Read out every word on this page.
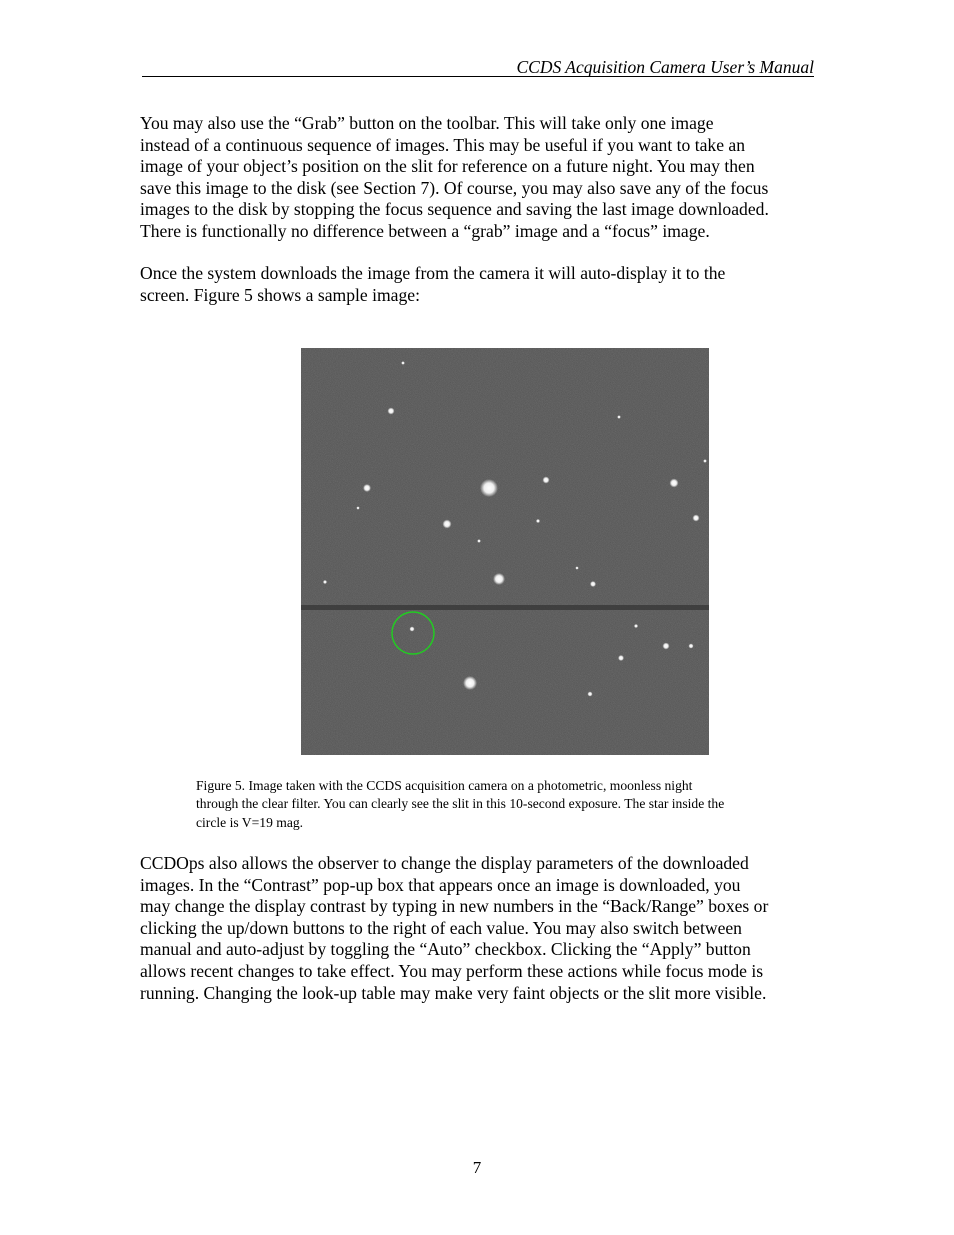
CCDS Acquisition Camera User’s Manual

You may also use the “Grab” button on the toolbar. This will take only one image
instead of a continuous sequence of images. This may be useful if you want to take an
image of your object’s position on the slit for reference on a future night. You may then
save this image to the disk (see Section 7). Of course, you may also save any of the focus
images to the disk by stopping the focus sequence and saving the last image downloaded.
There is functionally no difference between a “grab” image and a “focus” image.

Once the system downloads the image from the camera it will auto-display it to the
screen. Figure 5 shows a sample image:

Figure 5. Image taken with the CCDS acquisition camera on a photometric, moonless night
through the clear filter. You can clearly see the slit in this 10-second exposure. The star inside the
circle is V=19 mag.

CCDOps also allows the observer to change the display parameters of the downloaded
images. In the “Contrast” pop-up box that appears once an image is downloaded, you
may change the display contrast by typing in new numbers in the “Back/Range” boxes or
clicking the up/down buttons to the right of each value. You may also switch between
manual and auto-adjust by toggling the “Auto” checkbox. Clicking the “Apply” button
allows recent changes to take effect. You may perform these actions while focus mode is
running. Changing the look-up table may make very faint objects or the slit more visible.

7
